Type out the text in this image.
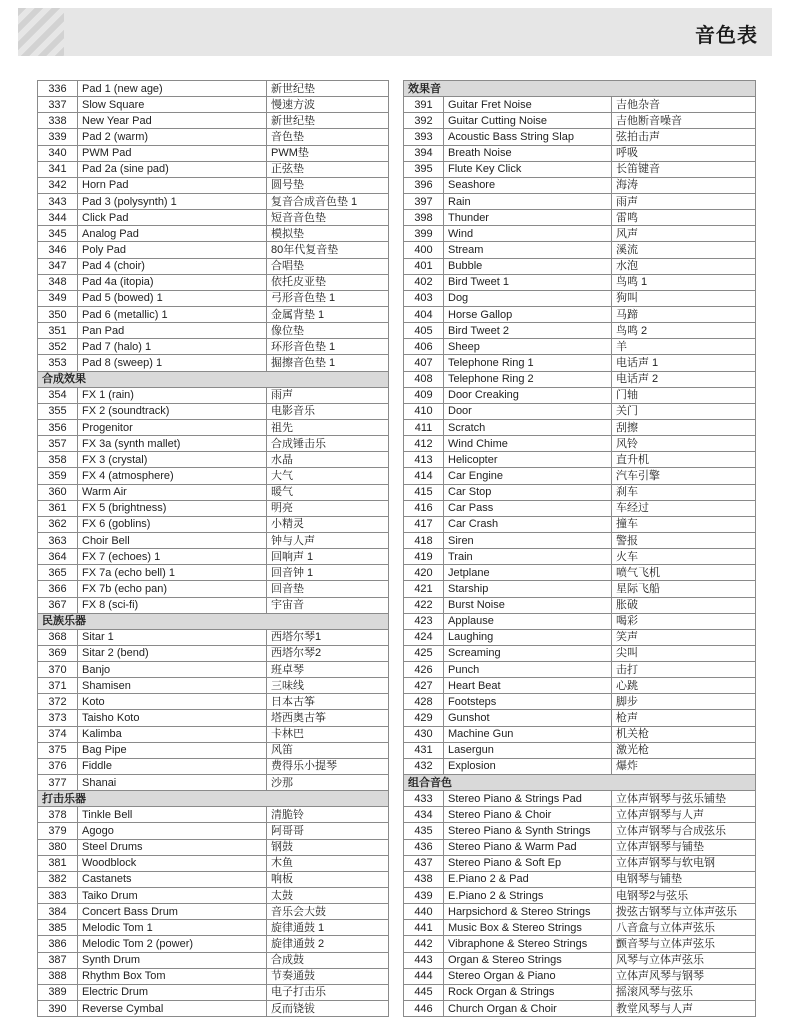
音色表
336	Pad 1 (new age)	新世纪垫
337	Slow Square	慢速方波
338	New Year Pad	新世纪垫
339	Pad 2 (warm)	音色垫
340	PWM Pad	PWM垫
341	Pad 2a (sine pad)	正弦垫
342	Horn Pad	圆号垫
343	Pad 3 (polysynth) 1	复音合成音色垫 1
344	Click Pad	短音音色垫
345	Analog Pad	模拟垫
346	Poly Pad	80年代复音垫
347	Pad 4 (choir)	合唱垫
348	Pad 4a (itopia)	依托皮亚垫
349	Pad 5 (bowed) 1	弓形音色垫 1
350	Pad 6 (metallic) 1	金属背垫 1
351	Pan Pad	像位垫
352	Pad 7 (halo) 1	环形音色垫 1
353	Pad 8 (sweep) 1	掘擦音色垫 1
合成效果		
354	FX 1 (rain)	雨声
355	FX 2 (soundtrack)	电影音乐
356	Progenitor	祖先
357	FX 3a (synth mallet)	合成锤击乐
358	FX 3 (crystal)	水晶
359	FX 4 (atmosphere)	大气
360	Warm Air	暖气
361	FX 5 (brightness)	明亮
362	FX 6 (goblins)	小精灵
363	Choir Bell	钟与人声
364	FX 7 (echoes) 1	回响声 1
365	FX 7a (echo bell) 1	回音钟 1
366	FX 7b (echo pan)	回音垫
367	FX 8 (sci-fi)	宇宙音
民族乐器		
368	Sitar 1	西塔尔琴1
369	Sitar 2 (bend)	西塔尔琴2
370	Banjo	班卓琴
371	Shamisen	三味线
372	Koto	日本古筝
373	Taisho Koto	塔西奥古筝
374	Kalimba	卡林巴
375	Bag Pipe	风笛
376	Fiddle	费得乐小提琴
377	Shanai	沙那
打击乐器		
378	Tinkle Bell	清脆铃
379	Agogo	阿哥哥
380	Steel Drums	钢鼓
381	Woodblock	木鱼
382	Castanets	响板
383	Taiko Drum	太鼓
384	Concert Bass Drum	音乐会大鼓
385	Melodic Tom 1	旋律通鼓 1
386	Melodic Tom 2 (power)	旋律通鼓 2
387	Synth Drum	合成鼓
388	Rhythm Box Tom	节奏通鼓
389	Electric Drum	电子打击乐
390	Reverse Cymbal	反而铙钹
效果音		
391	Guitar Fret Noise	吉他杂音
392	Guitar Cutting Noise	吉他断音噪音
393	Acoustic Bass String Slap	弦拍击声
394	Breath Noise	呼吸
395	Flute Key Click	长笛键音
396	Seashore	海涛
397	Rain	雨声
398	Thunder	雷鸣
399	Wind	风声
400	Stream	溪流
401	Bubble	水泡
402	Bird Tweet 1	鸟鸣 1
403	Dog	狗叫
404	Horse Gallop	马蹄
405	Bird Tweet 2	鸟鸣 2
406	Sheep	羊
407	Telephone Ring 1	电话声 1
408	Telephone Ring 2	电话声 2
409	Door Creaking	门轴
410	Door	关门
411	Scratch	刮擦
412	Wind Chime	风铃
413	Helicopter	直升机
414	Car Engine	汽车引擎
415	Car Stop	刹车
416	Car Pass	车经过
417	Car Crash	撞车
418	Siren	警报
419	Train	火车
420	Jetplane	喷气飞机
421	Starship	星际飞船
422	Burst Noise	胀破
423	Applause	喝彩
424	Laughing	笑声
425	Screaming	尖叫
426	Punch	击打
427	Heart Beat	心跳
428	Footsteps	脚步
429	Gunshot	枪声
430	Machine Gun	机关枪
431	Lasergun	激光枪
432	Explosion	爆炸
组合音色		
433	Stereo Piano & Strings Pad	立体声钢琴与弦乐铺垫
434	Stereo Piano & Choir	立体声钢琴与人声
435	Stereo Piano & Synth Strings	立体声钢琴与合成弦乐
436	Stereo Piano & Warm Pad	立体声钢琴与铺垫
437	Stereo Piano & Soft Ep	立体声钢琴与软电钢
438	E.Piano 2 & Pad	电钢琴与铺垫
439	E.Piano 2 & Strings	电钢琴2与弦乐
440	Harpsichord & Stereo Strings	拨弦古钢琴与立体声弦乐
441	Music Box & Stereo Strings	八音盒与立体声弦乐
442	Vibraphone & Stereo Strings	颤音琴与立体声弦乐
443	Organ & Stereo Strings	风琴与立体声弦乐
444	Stereo Organ & Piano	立体声风琴与钢琴
445	Rock Organ & Strings	摇滚风琴与弦乐
446	Church Organ & Choir	教堂风琴与人声
